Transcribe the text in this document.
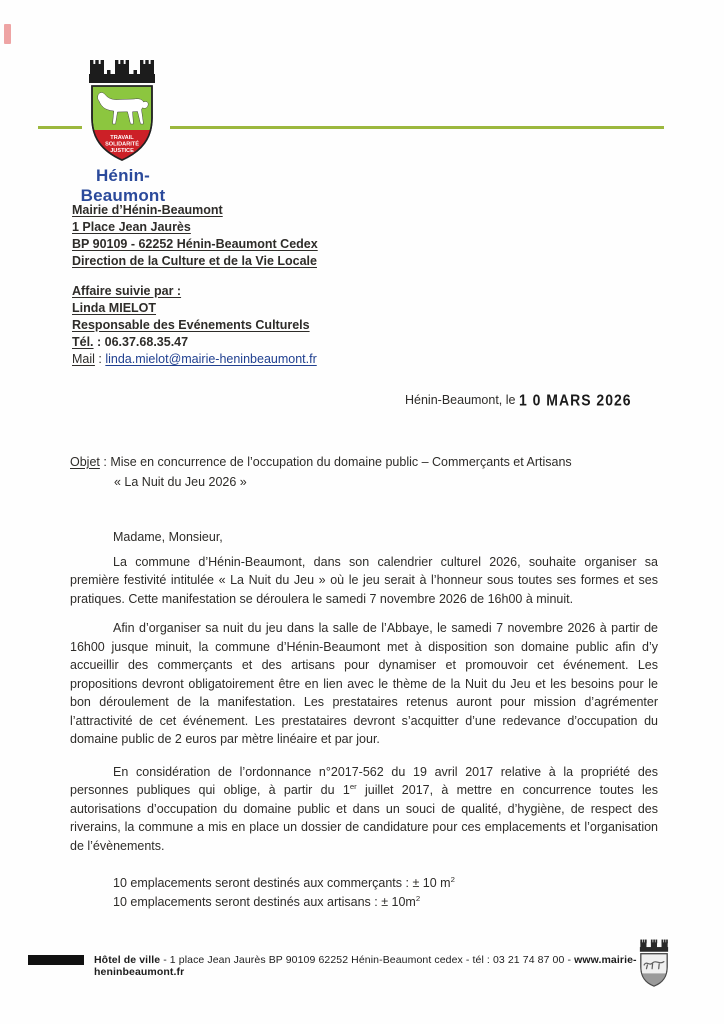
TRAVAIL
SOLIDARITÉ
JUSTICE
Hénin-Beaumont
Mairie d’Hénin-Beaumont
1 Place Jean Jaurès
BP 90109 - 62252 Hénin-Beaumont Cedex
Direction de la Culture et de la Vie Locale
Affaire suivie par :
Linda MIELOT
Responsable des Evénements Culturels
Tél. : 06.37.68.35.47
Mail : linda.mielot@mairie-heninbeaumont.fr
Hénin-Beaumont, le 1 0 MARS 2026
Objet : Mise en concurrence de l’occupation du domaine public – Commerçants et Artisans
« La Nuit du Jeu 2026 »
Madame, Monsieur,

La commune d’Hénin-Beaumont, dans son calendrier culturel 2026, souhaite organiser sa première festivité intitulée « La Nuit du Jeu » où le jeu serait à l’honneur sous toutes ses formes et ses pratiques. Cette manifestation se déroulera le samedi 7 novembre 2026 de 16h00 à minuit.

Afin d’organiser sa nuit du jeu dans la salle de l’Abbaye, le samedi 7 novembre 2026 à partir de 16h00 jusque minuit, la commune d’Hénin-Beaumont met à disposition son domaine public afin d’y accueillir des commerçants et des artisans pour dynamiser et promouvoir cet événement. Les propositions devront obligatoirement être en lien avec le thème de la Nuit du Jeu et les besoins pour le bon déroulement de la manifestation. Les prestataires retenus auront pour mission d’agrémenter l’attractivité de cet événement. Les prestataires devront s’acquitter d’une redevance d’occupation du domaine public de 2 euros par mètre linéaire et par jour.

En considération de l’ordonnance n°2017-562 du 19 avril 2017 relative à la propriété des personnes publiques qui oblige, à partir du 1er juillet 2017, à mettre en concurrence toutes les autorisations d’occupation du domaine public et dans un souci de qualité, d’hygiène, de respect des riverains, la commune a mis en place un dossier de candidature pour ces emplacements et l’organisation de l’évènements.

10 emplacements seront destinés aux commerçants : ± 10 $m^2$
10 emplacements seront destinés aux artisans : ± $10m^2$
Hôtel de ville - 1 place Jean Jaurès BP 90109 62252 Hénin-Beaumont cedex - tél : 03 21 74 87 00 - www.mairie-heninbeaumont.fr
